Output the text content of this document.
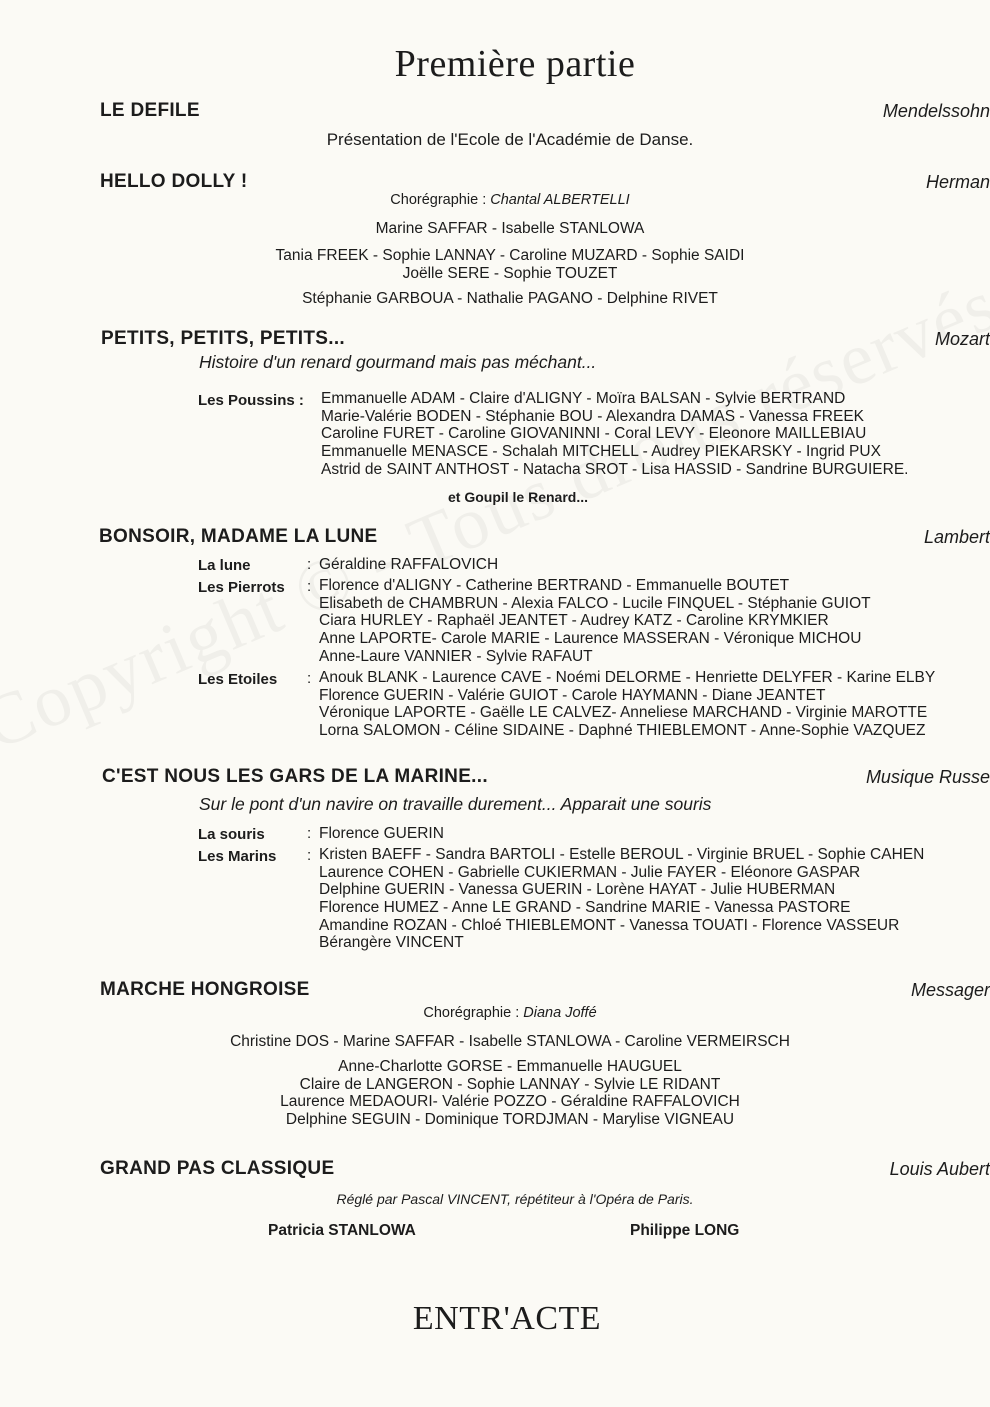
Première partie
LE DEFILE	Mendelssohn
Présentation de l'Ecole de l'Académie de Danse.
HELLO DOLLY !	Herman
Chorégraphie : Chantal ALBERTELLI
Marine SAFFAR - Isabelle STANLOWA
Tania FREEK - Sophie LANNAY - Caroline MUZARD - Sophie SAIDI
Joëlle SERE - Sophie TOUZET
Stéphanie GARBOUA - Nathalie PAGANO - Delphine RIVET
PETITS, PETITS, PETITS...	Mozart
Histoire d'un renard gourmand mais pas méchant...
Les Poussins : Emmanuelle ADAM - Claire d'ALIGNY - Moïra BALSAN - Sylvie BERTRAND
Marie-Valérie BODEN - Stéphanie BOU - Alexandra DAMAS - Vanessa FREEK
Caroline FURET - Caroline GIOVANINNI - Coral LEVY - Eleonore MAILLEBIAU
Emmanuelle MENASCE - Schalah MITCHELL - Audrey PIEKARSKY - Ingrid PUX
Astrid de SAINT ANTHOST - Natacha SROT - Lisa HASSID - Sandrine BURGUIERE.
et Goupil le Renard...
BONSOIR, MADAME LA LUNE	Lambert
La lune	: Géraldine RAFFALOVICH
Les Pierrots : Florence d'ALIGNY - Catherine BERTRAND - Emmanuelle BOUTET
Elisabeth de CHAMBRUN - Alexia FALCO - Lucile FINQUEL - Stéphanie GUIOT
Ciara HURLEY - Raphaël JEANTET - Audrey KATZ - Caroline KRYMKIER
Anne LAPORTE- Carole MARIE - Laurence MASSERAN - Véronique MICHOU
Anne-Laure VANNIER - Sylvie RAFAUT
Les Etoiles : Anouk BLANK - Laurence CAVE - Noémi DELORME - Henriette DELYFER - Karine ELBY
Florence GUERIN - Valérie GUIOT - Carole HAYMANN - Diane JEANTET
Véronique LAPORTE - Gaëlle LE CALVEZ- Anneliese MARCHAND - Virginie MAROTTE
Lorna SALOMON - Céline SIDAINE - Daphné THIEBLEMONT - Anne-Sophie VAZQUEZ
C'EST NOUS LES GARS DE LA MARINE...	Musique Russe
Sur le pont d'un navire on travaille durement... Apparait une souris
La souris	: Florence GUERIN
Les Marins : Kristen BAEFF - Sandra BARTOLI - Estelle BEROUL - Virginie BRUEL - Sophie CAHEN
Laurence COHEN - Gabrielle CUKIERMAN - Julie FAYER - Eléonore GASPAR
Delphine GUERIN - Vanessa GUERIN - Lorène HAYAT - Julie HUBERMAN
Florence HUMEZ - Anne LE GRAND - Sandrine MARIE - Vanessa PASTORE
Amandine ROZAN - Chloé THIEBLEMONT - Vanessa TOUATI - Florence VASSEUR
Bérangère VINCENT
MARCHE HONGROISE	Messager
Chorégraphie : Diana Joffé
Christine DOS - Marine SAFFAR - Isabelle STANLOWA - Caroline VERMEIRSCH
Anne-Charlotte GORSE - Emmanuelle HAUGUEL
Claire de LANGERON - Sophie LANNAY - Sylvie LE RIDANT
Laurence MEDAOURI- Valérie POZZO - Géraldine RAFFALOVICH
Delphine SEGUIN - Dominique TORDJMAN - Marylise VIGNEAU
GRAND PAS CLASSIQUE	Louis Aubert
Réglé par Pascal VINCENT, répétiteur à l'Opéra de Paris.
Patricia STANLOWA	Philippe LONG
ENTR'ACTE
